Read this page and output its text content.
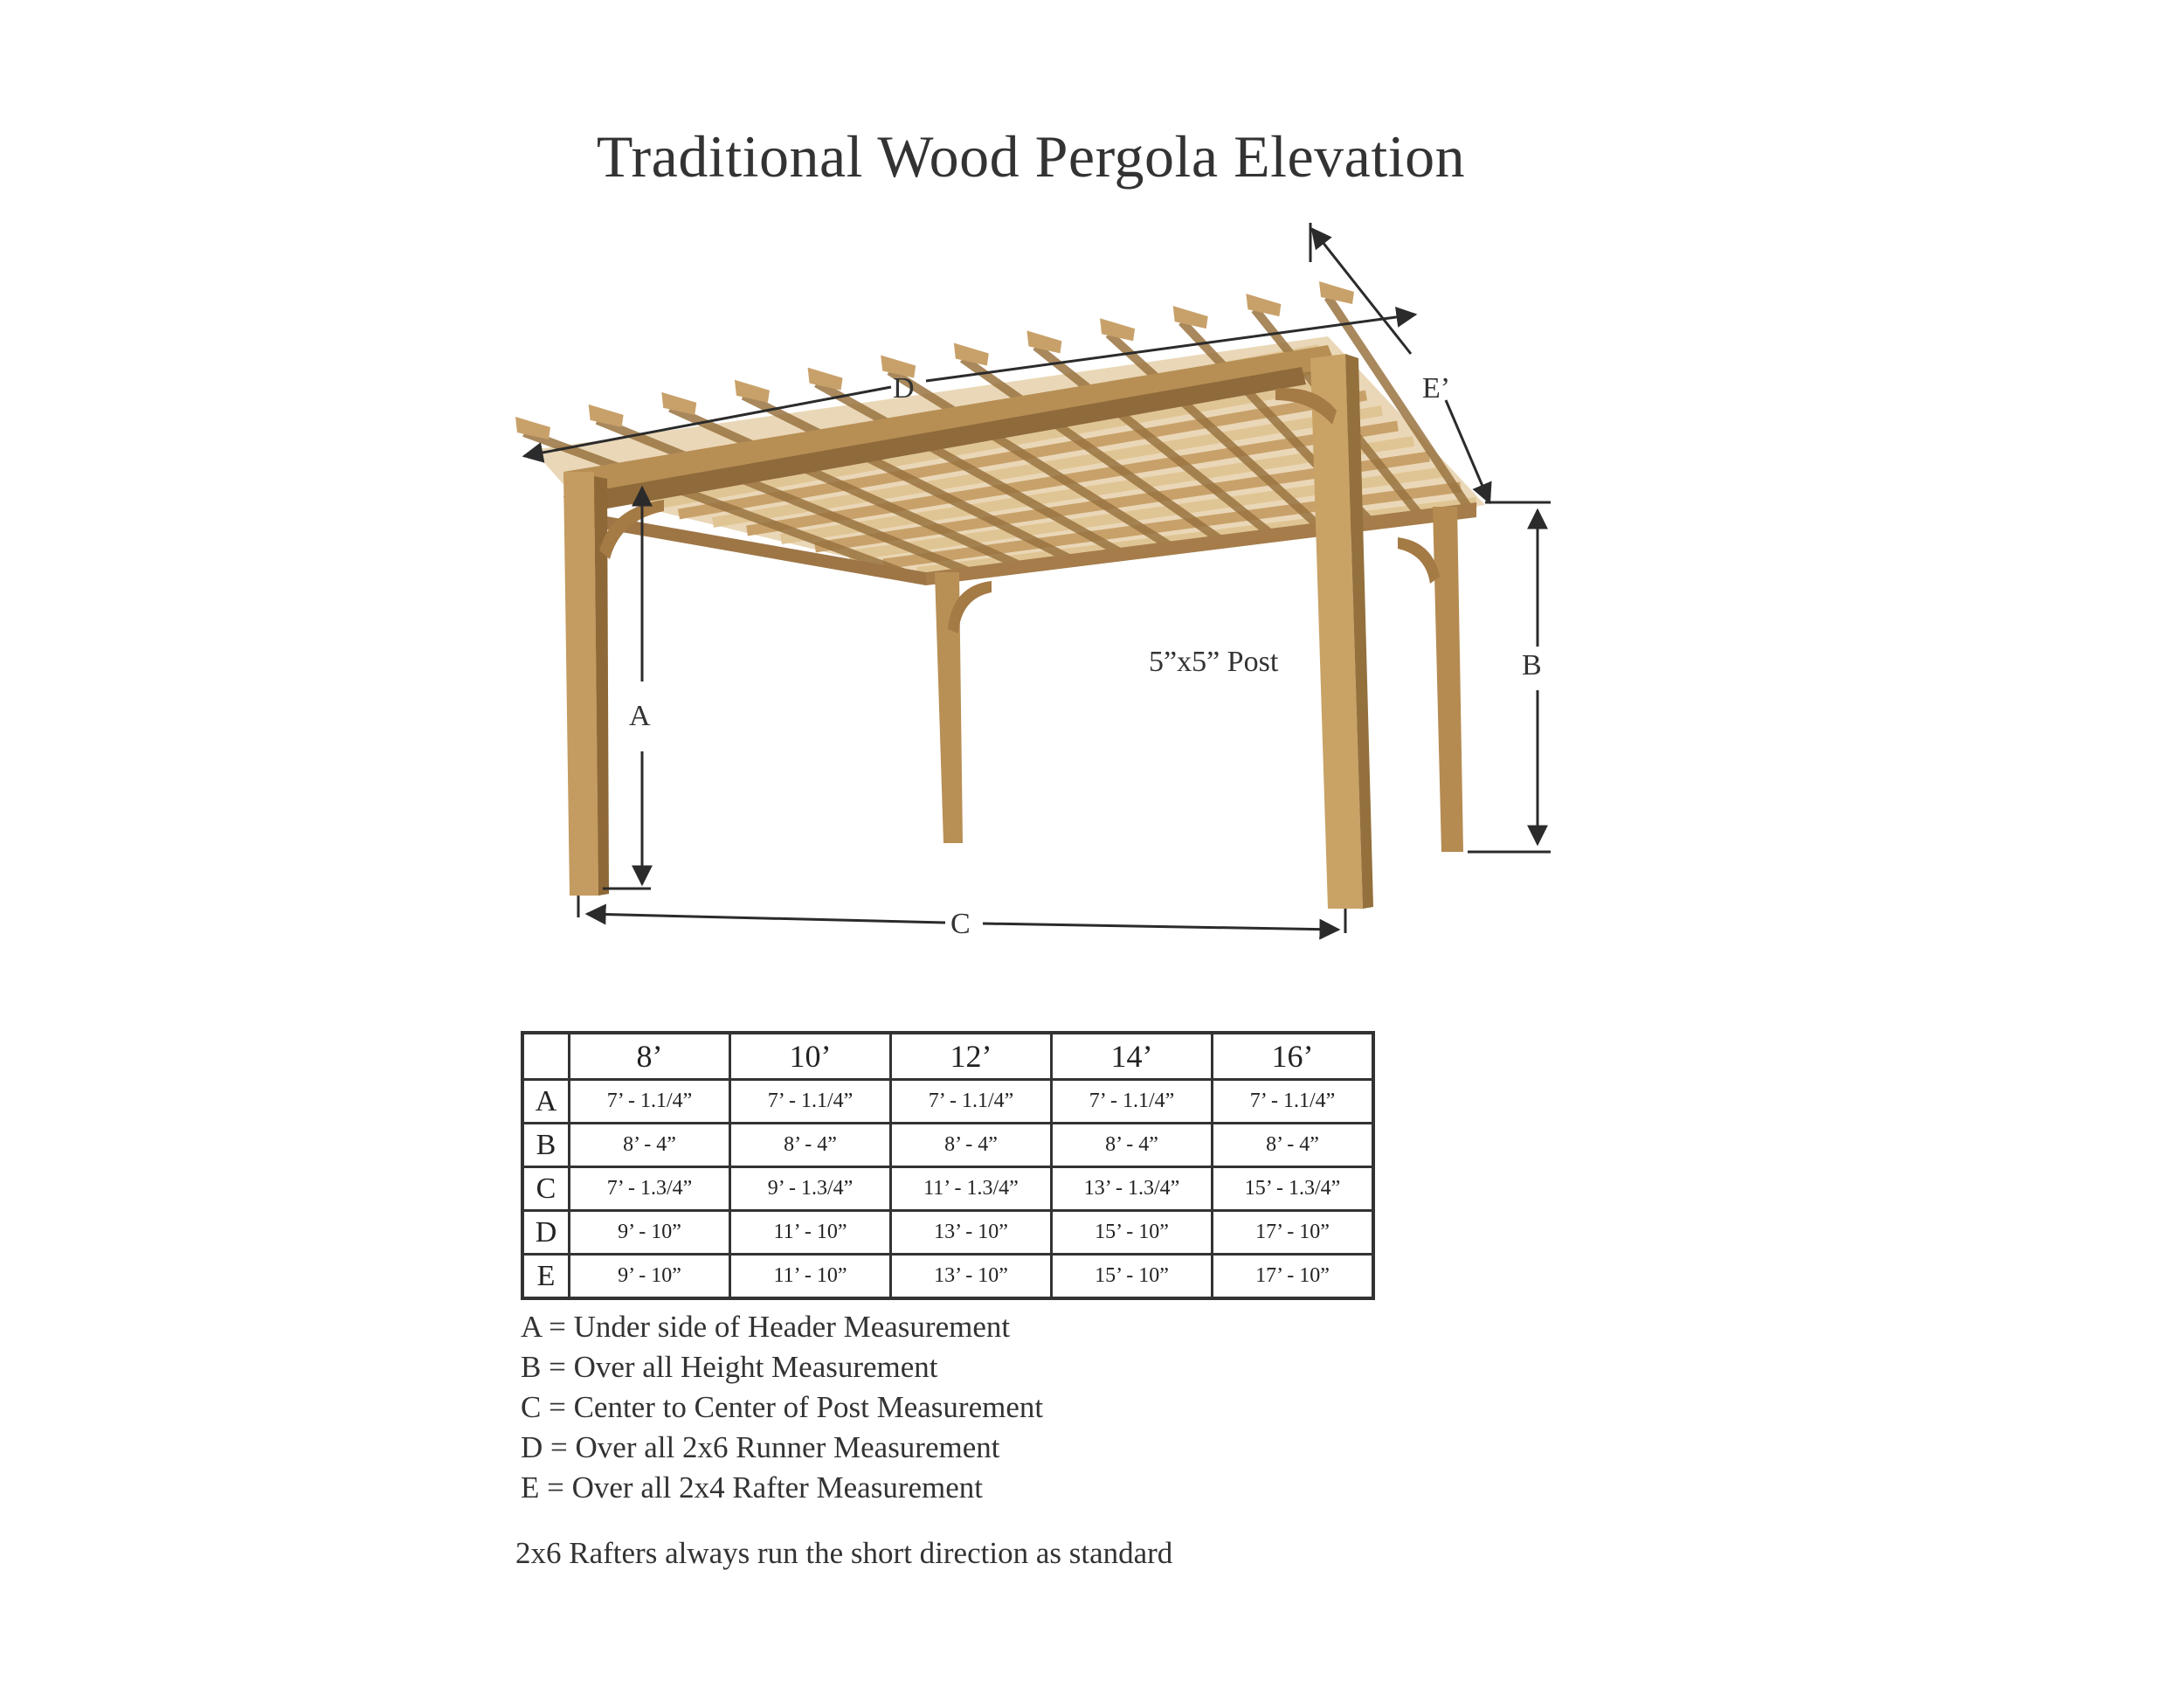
Traditional Wood Pergola Elevation
D	E’
A
B
C
5”x5” Post
	8’	10’	12’	14’	16’
A	7’ - 1.1/4”	7’ - 1.1/4”	7’ - 1.1/4”	7’ - 1.1/4”	7’ - 1.1/4”
B	8’ - 4”	8’ - 4”	8’ - 4”	8’ - 4”	8’ - 4”
C	7’ - 1.3/4”	9’ - 1.3/4”	11’ - 1.3/4”	13’ - 1.3/4”	15’ - 1.3/4”
D	9’ - 10”	11’ - 10”	13’ - 10”	15’ - 10”	17’ - 10”
E	9’ - 10”	11’ - 10”	13’ - 10”	15’ - 10”	17’ - 10”
A = Under side of Header Measurement
B = Over all Height Measurement
C = Center to Center of Post Measurement
D = Over all 2x6 Runner Measurement
E = Over all 2x4 Rafter Measurement
2x6 Rafters always run the short direction as standard
